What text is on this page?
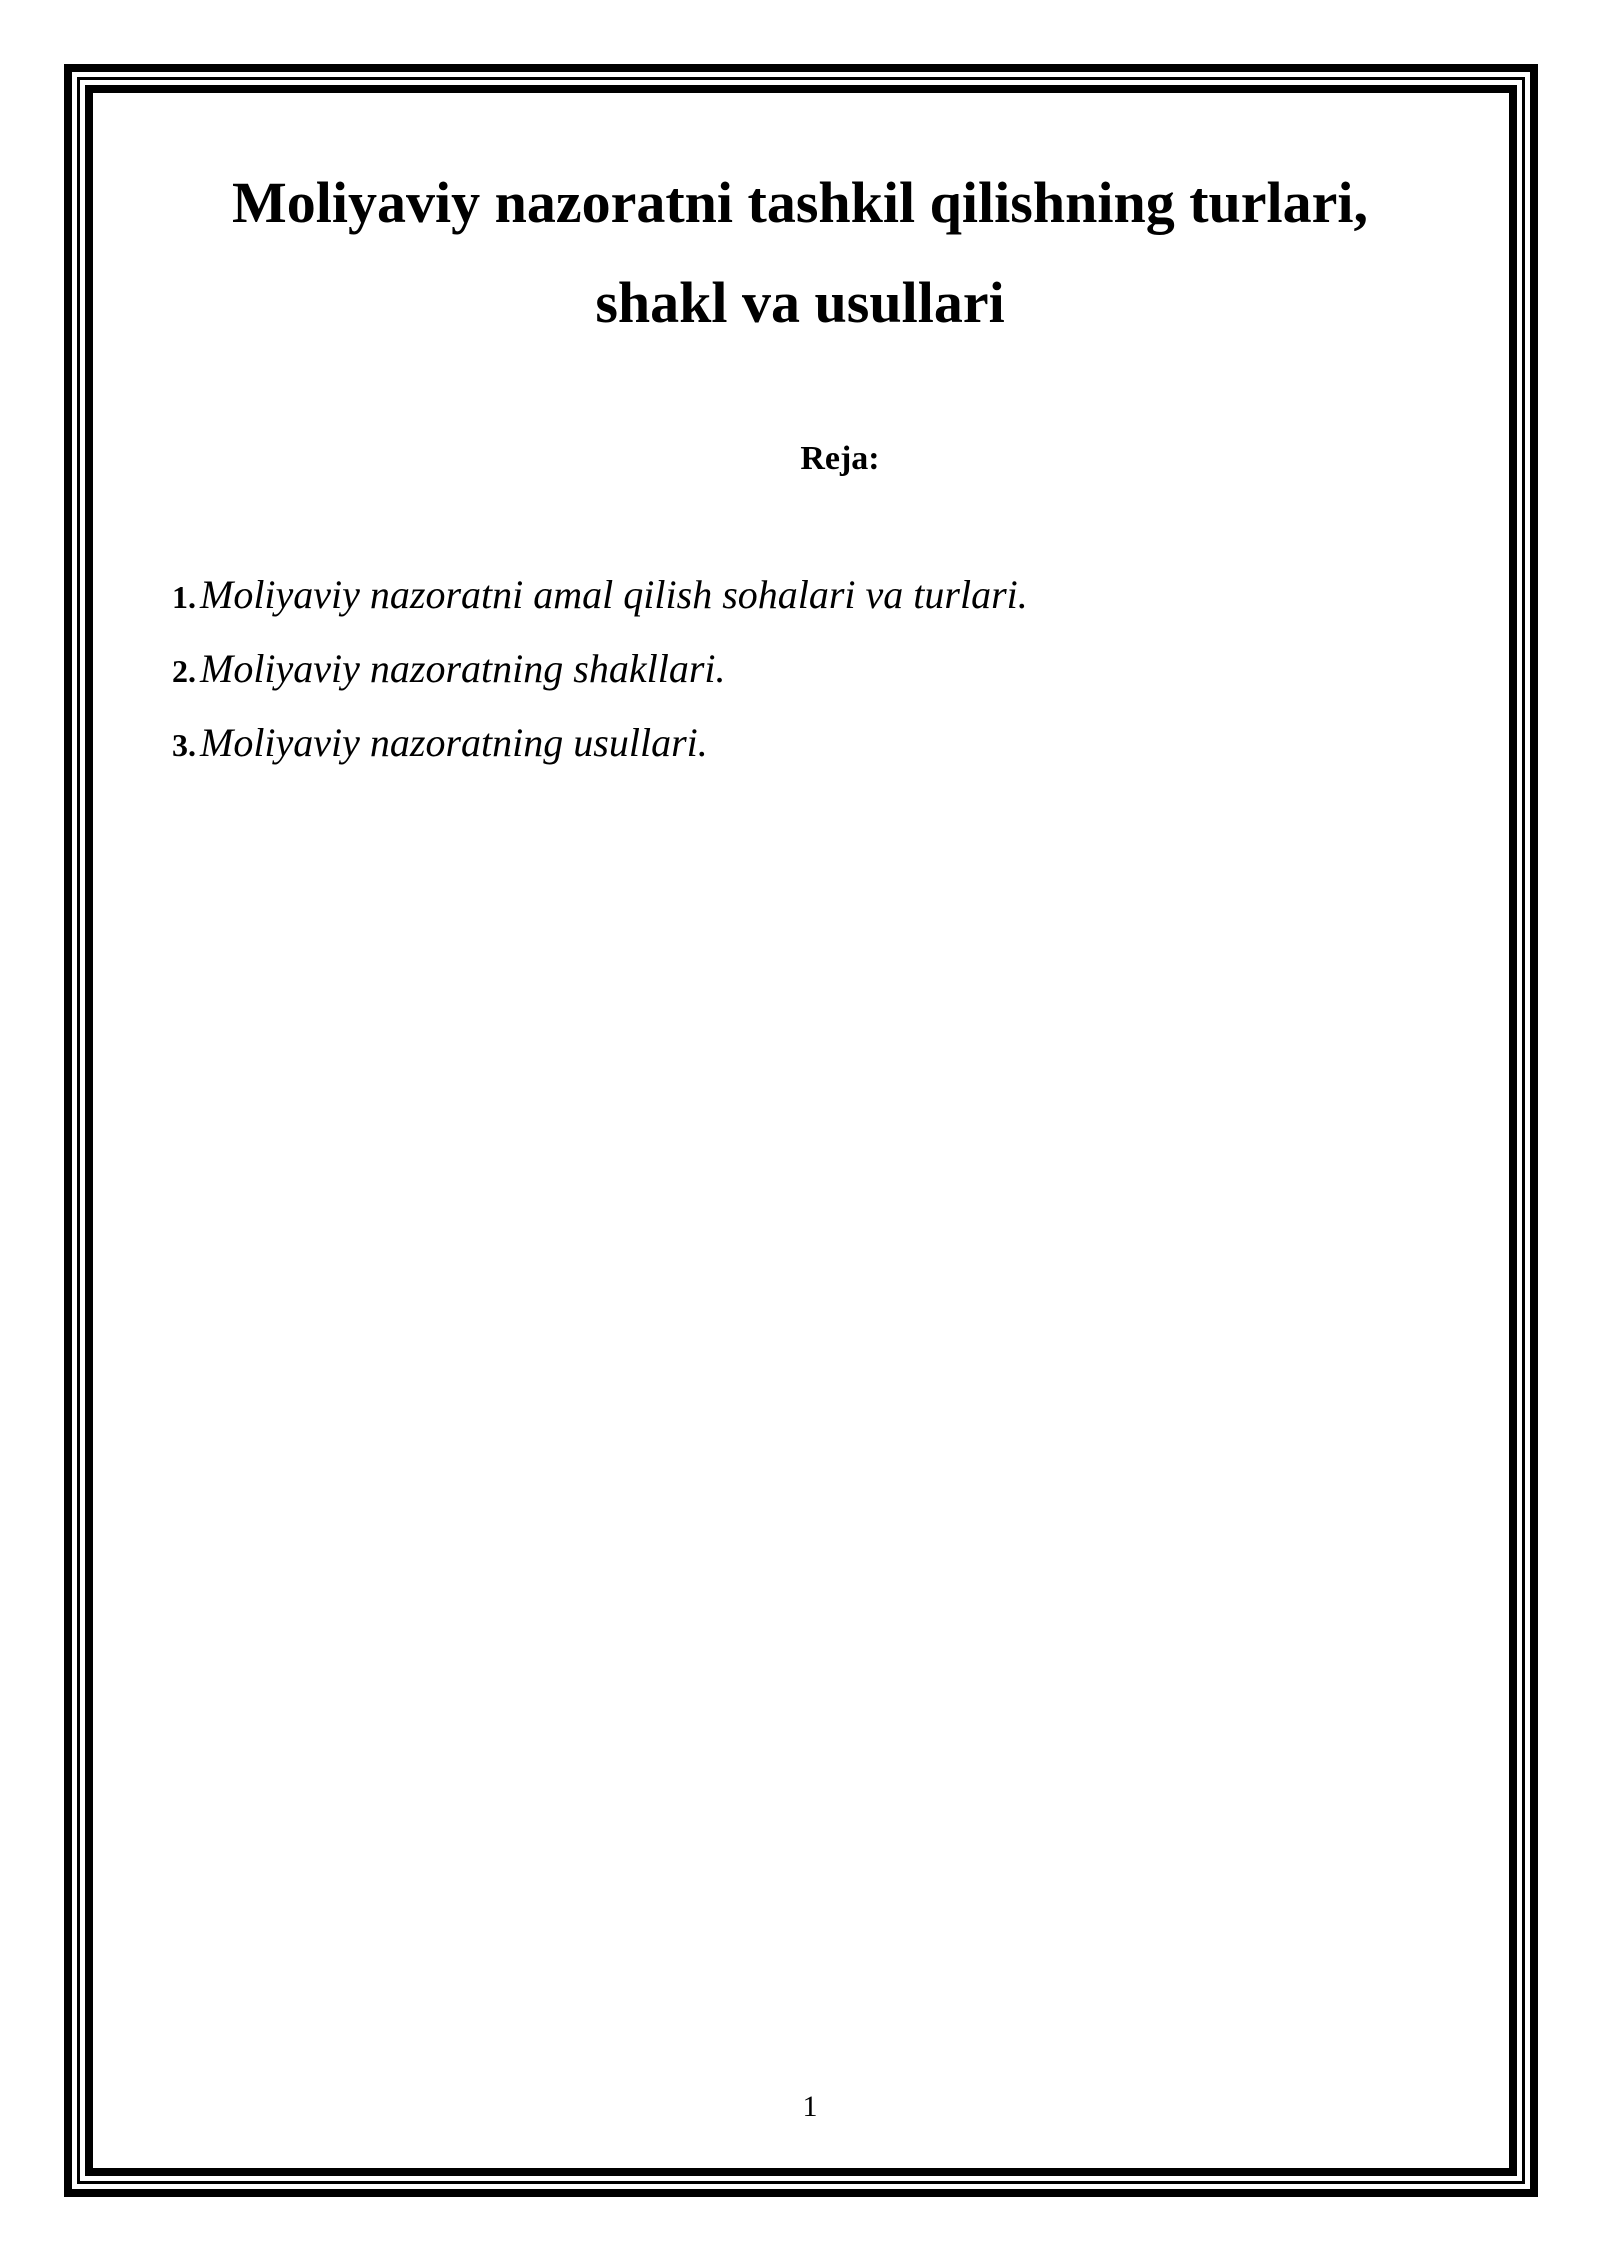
Moliyaviy nazoratni tashkil qilishning turlari,
shakl va usullari

Reja:

1. Moliyaviy nazoratni amal qilish sohalari va turlari.
2. Moliyaviy nazoratning shakllari.
3. Moliyaviy nazoratning usullari.
1
